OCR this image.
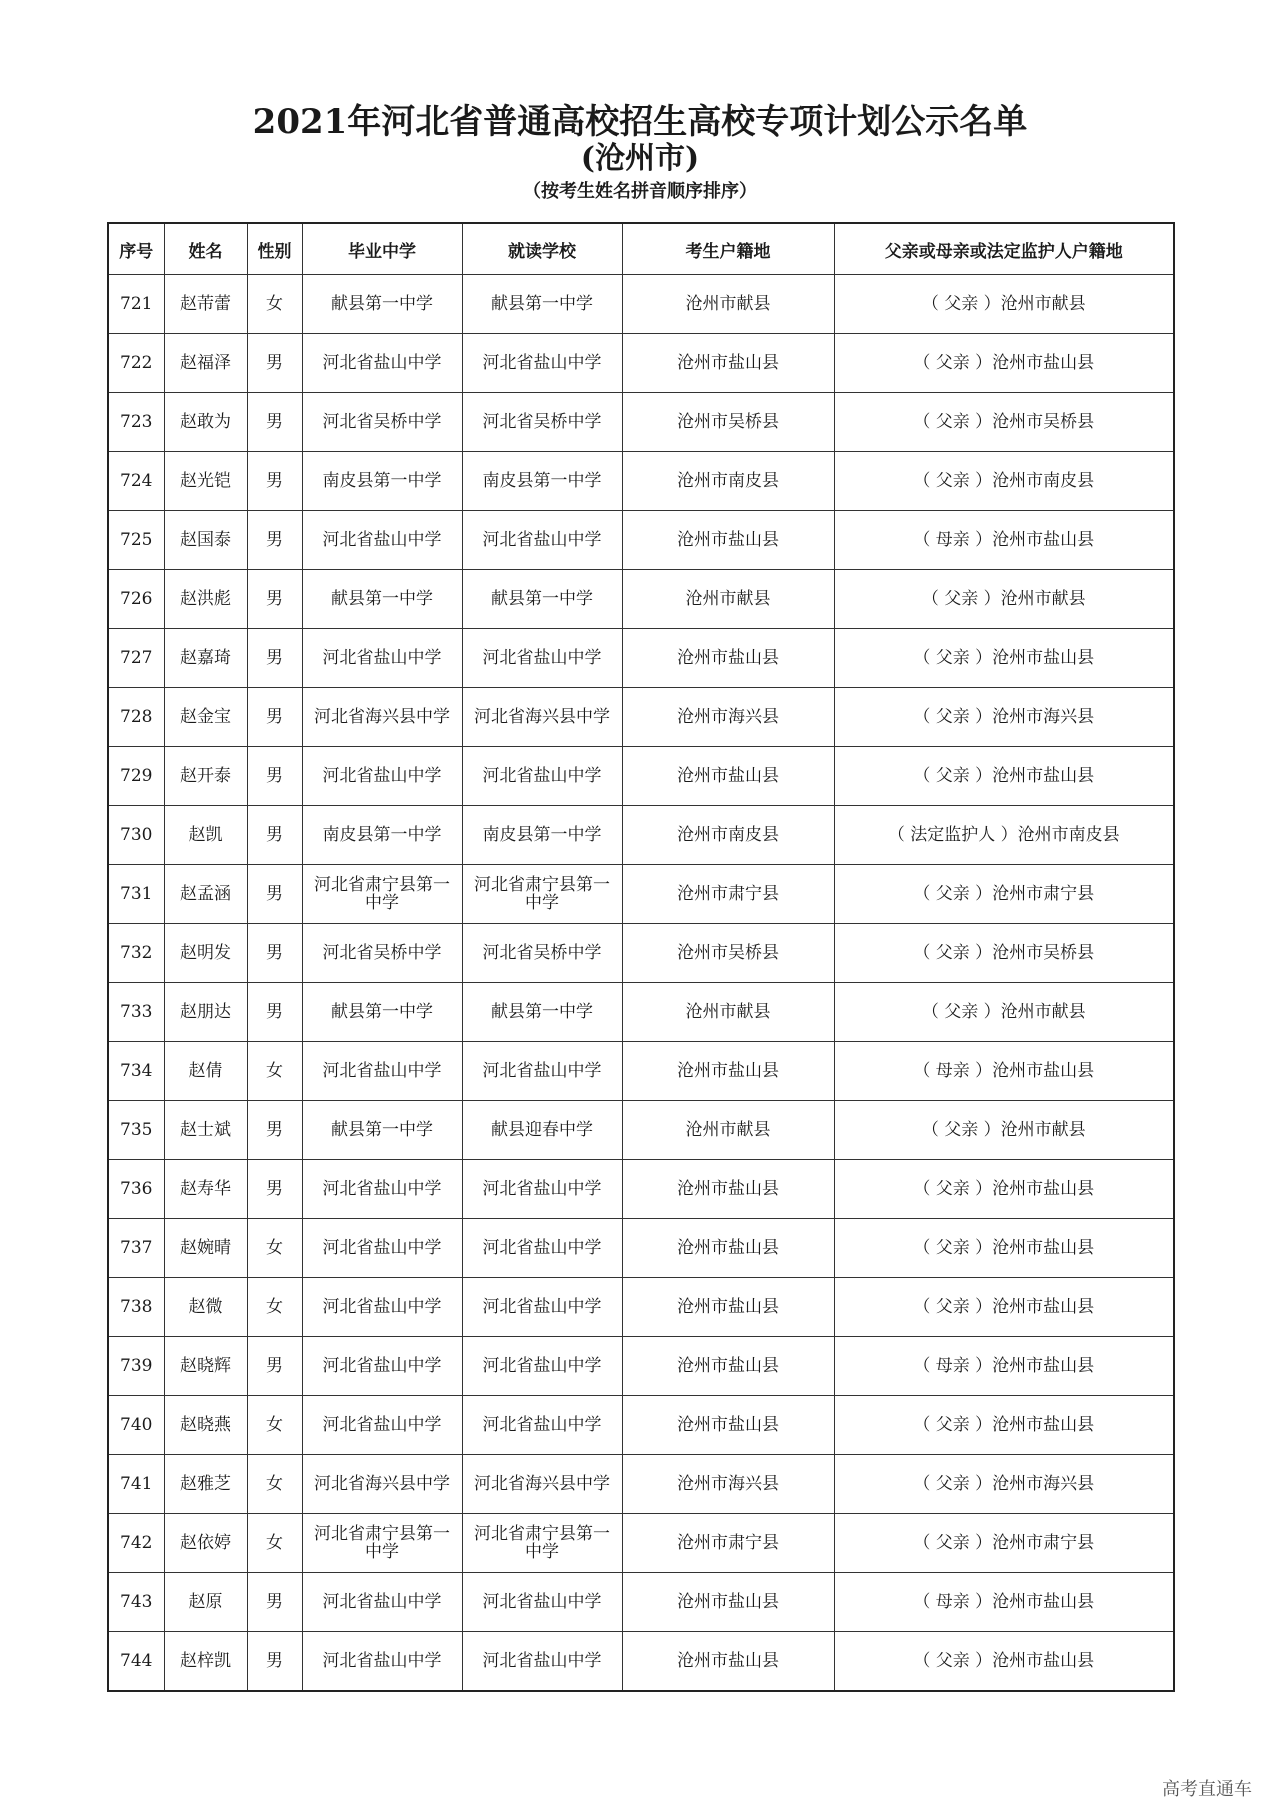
2021年河北省普通高校招生高校专项计划公示名单
(沧州市)
（按考生姓名拼音顺序排序）
序号	姓名	性别	毕业中学	就读学校	考生户籍地	父亲或母亲或法定监护人户籍地
721	赵芾蕾	女	献县第一中学	献县第一中学	沧州市献县	（ 父亲 ）沧州市献县
722	赵福泽	男	河北省盐山中学	河北省盐山中学	沧州市盐山县	（ 父亲 ）沧州市盐山县
723	赵敢为	男	河北省吴桥中学	河北省吴桥中学	沧州市吴桥县	（ 父亲 ）沧州市吴桥县
724	赵光铠	男	南皮县第一中学	南皮县第一中学	沧州市南皮县	（ 父亲 ）沧州市南皮县
725	赵国泰	男	河北省盐山中学	河北省盐山中学	沧州市盐山县	（ 母亲 ）沧州市盐山县
726	赵洪彪	男	献县第一中学	献县第一中学	沧州市献县	（ 父亲 ）沧州市献县
727	赵嘉琦	男	河北省盐山中学	河北省盐山中学	沧州市盐山县	（ 父亲 ）沧州市盐山县
728	赵金宝	男	河北省海兴县中学	河北省海兴县中学	沧州市海兴县	（ 父亲 ）沧州市海兴县
729	赵开泰	男	河北省盐山中学	河北省盐山中学	沧州市盐山县	（ 父亲 ）沧州市盐山县
730	赵凯	男	南皮县第一中学	南皮县第一中学	沧州市南皮县	（ 法定监护人 ）沧州市南皮县
731	赵孟涵	男	河北省肃宁县第一中学	河北省肃宁县第一中学	沧州市肃宁县	（ 父亲 ）沧州市肃宁县
732	赵明发	男	河北省吴桥中学	河北省吴桥中学	沧州市吴桥县	（ 父亲 ）沧州市吴桥县
733	赵朋达	男	献县第一中学	献县第一中学	沧州市献县	（ 父亲 ）沧州市献县
734	赵倩	女	河北省盐山中学	河北省盐山中学	沧州市盐山县	（ 母亲 ）沧州市盐山县
735	赵士斌	男	献县第一中学	献县迎春中学	沧州市献县	（ 父亲 ）沧州市献县
736	赵寿华	男	河北省盐山中学	河北省盐山中学	沧州市盐山县	（ 父亲 ）沧州市盐山县
737	赵婉晴	女	河北省盐山中学	河北省盐山中学	沧州市盐山县	（ 父亲 ）沧州市盐山县
738	赵微	女	河北省盐山中学	河北省盐山中学	沧州市盐山县	（ 父亲 ）沧州市盐山县
739	赵晓辉	男	河北省盐山中学	河北省盐山中学	沧州市盐山县	（ 母亲 ）沧州市盐山县
740	赵晓燕	女	河北省盐山中学	河北省盐山中学	沧州市盐山县	（ 父亲 ）沧州市盐山县
741	赵雅芝	女	河北省海兴县中学	河北省海兴县中学	沧州市海兴县	（ 父亲 ）沧州市海兴县
742	赵依婷	女	河北省肃宁县第一中学	河北省肃宁县第一中学	沧州市肃宁县	（ 父亲 ）沧州市肃宁县
743	赵原	男	河北省盐山中学	河北省盐山中学	沧州市盐山县	（ 母亲 ）沧州市盐山县
744	赵梓凯	男	河北省盐山中学	河北省盐山中学	沧州市盐山县	（ 父亲 ）沧州市盐山县
高考直通车
